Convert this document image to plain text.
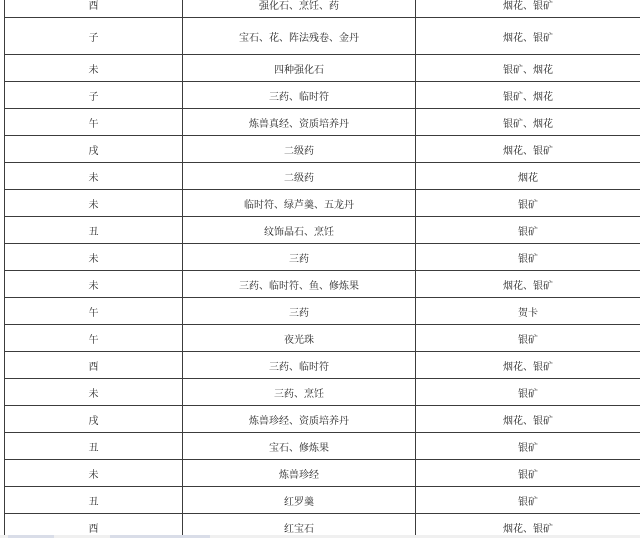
酉	强化石、烹饪、药	烟花、银矿
子	宝石、花、阵法残卷、金丹	烟花、银矿
未	四种强化石	银矿、烟花
子	三药、临时符	银矿、烟花
午	炼兽真经、资质培养丹	银矿、烟花
戌	二级药	烟花、银矿
未	二级药	烟花
未	临时符、绿芦羹、五龙丹	银矿
丑	纹饰晶石、烹饪	银矿
未	三药	银矿
未	三药、临时符、鱼、修炼果	烟花、银矿
午	三药	贺卡
午	夜光珠	银矿
酉	三药、临时符	烟花、银矿
未	三药、烹饪	银矿
戌	炼兽珍经、资质培养丹	烟花、银矿
丑	宝石、修炼果	银矿
未	炼兽珍经	银矿
丑	红罗羹	银矿
酉	红宝石	烟花、银矿
